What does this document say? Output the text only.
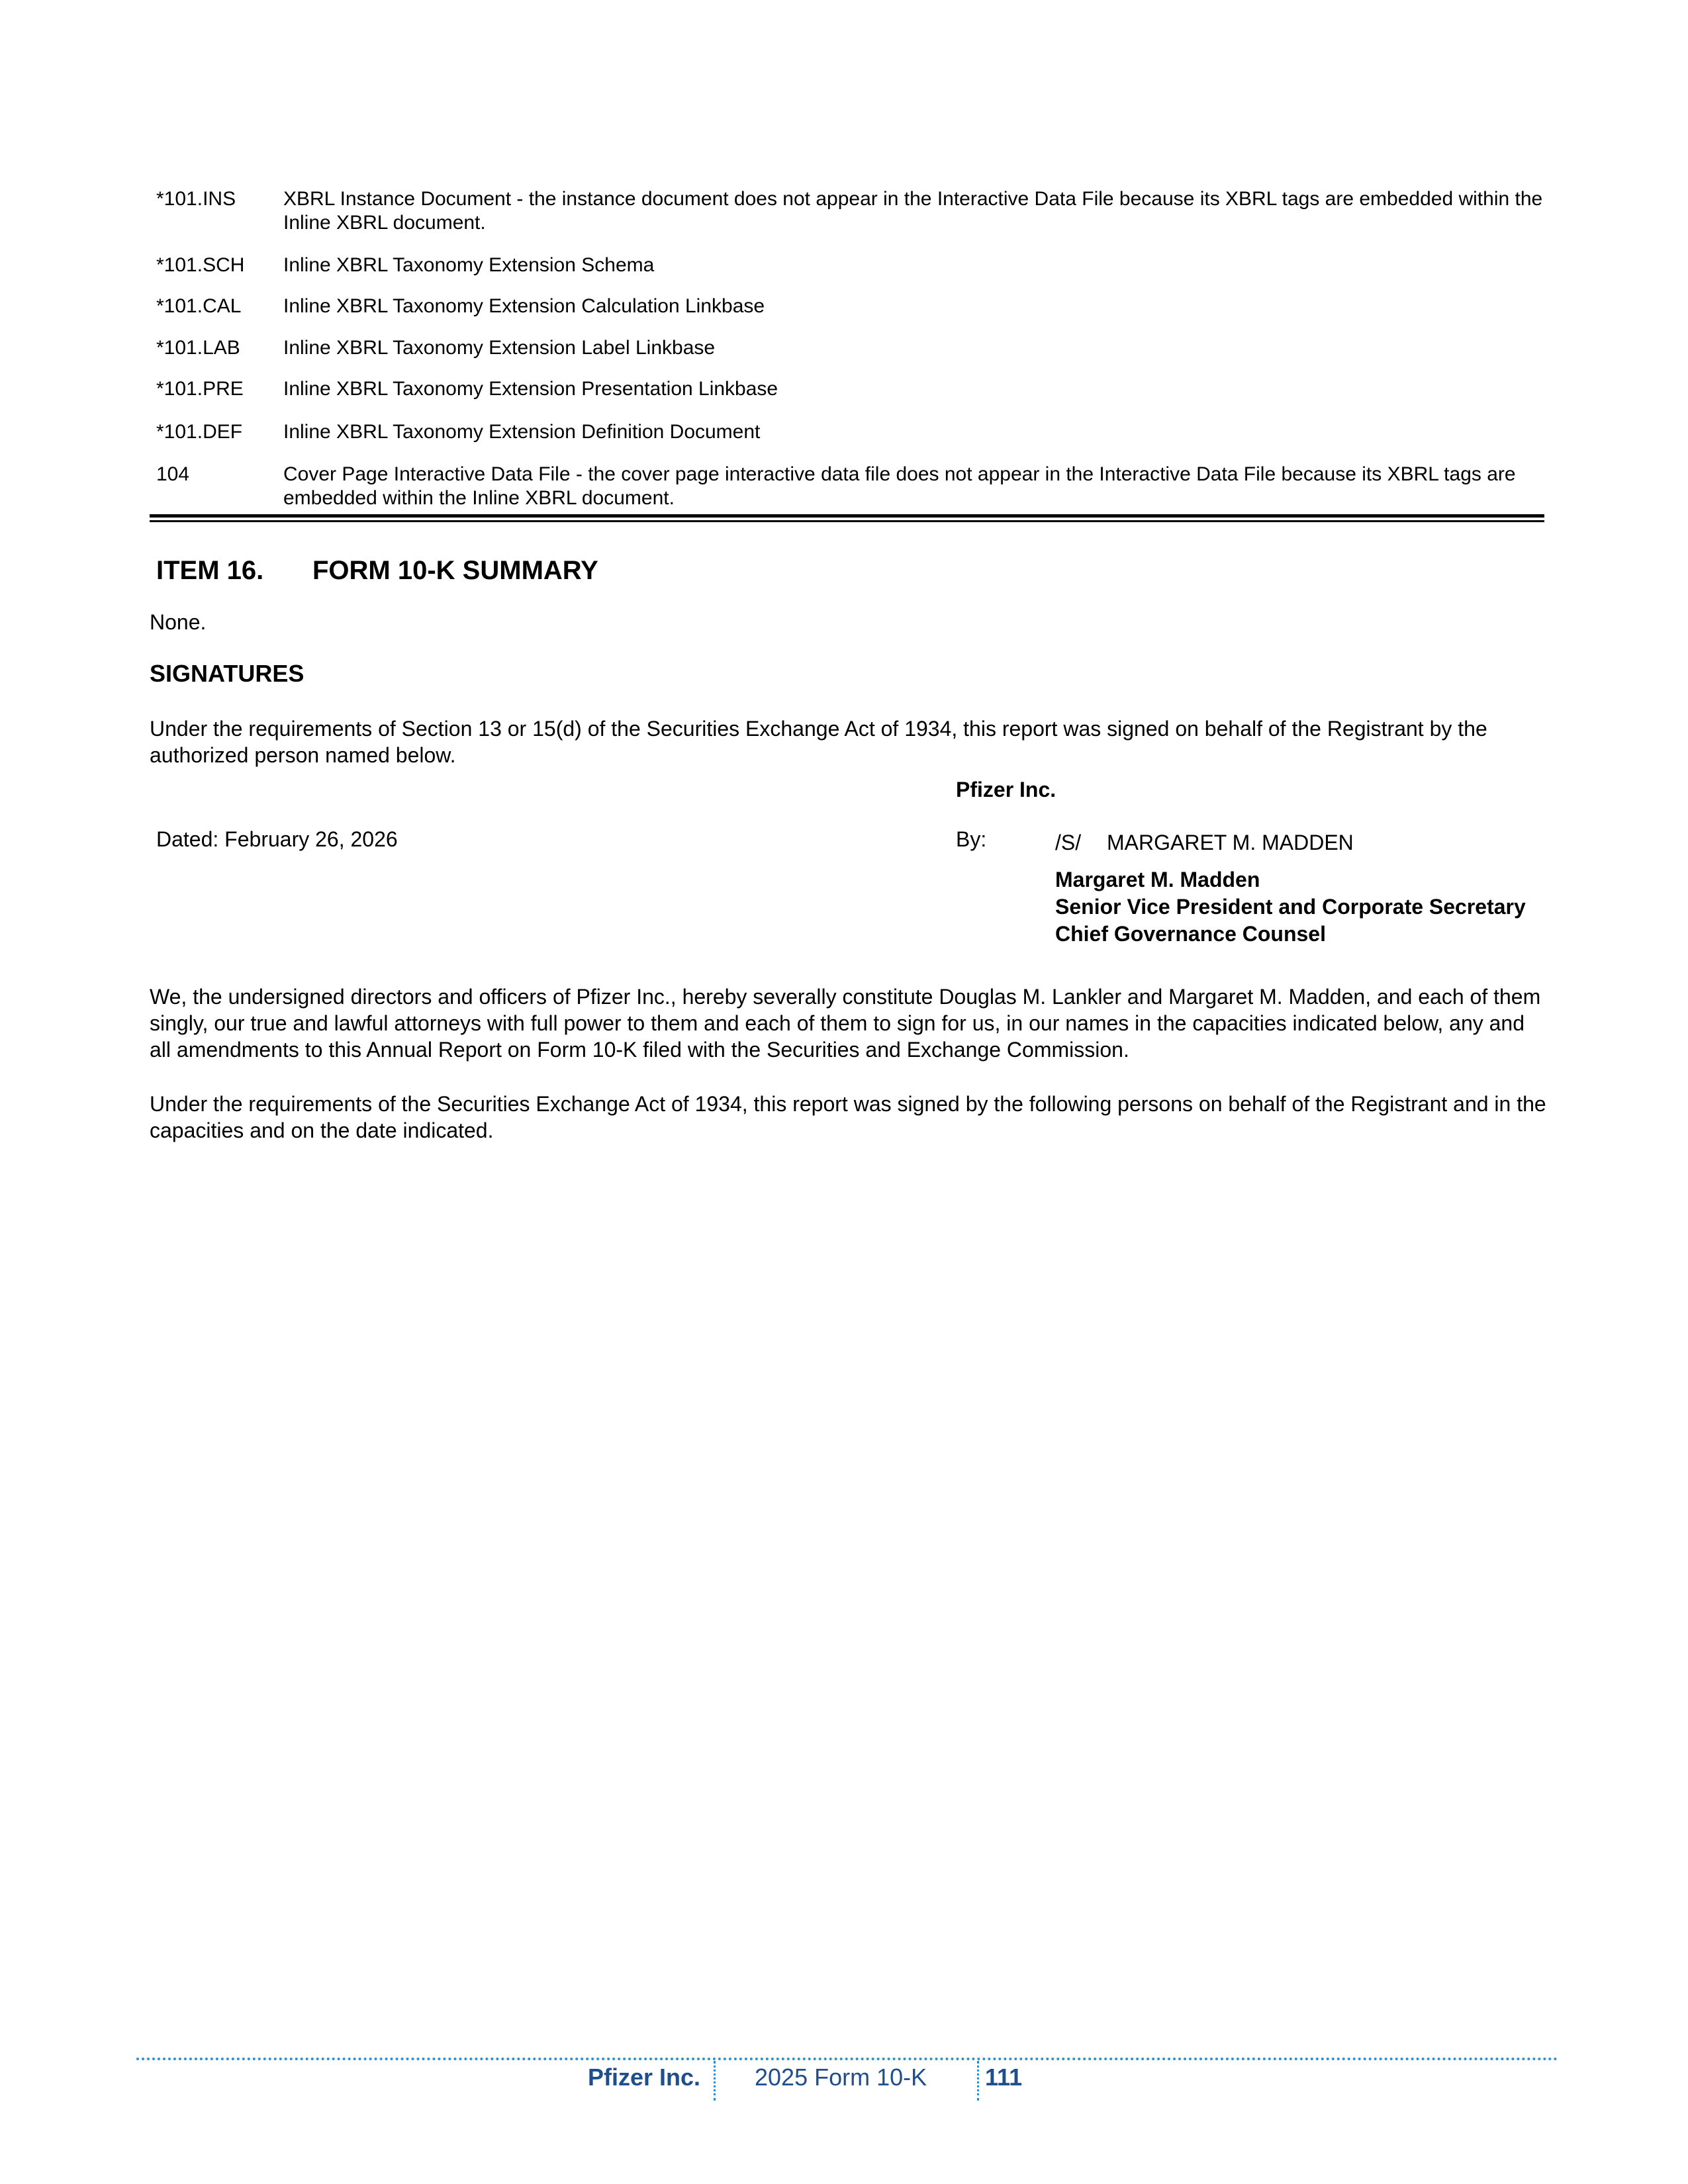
*101.INS XBRL Instance Document - the instance document does not appear in the Interactive Data File because its XBRL tags are embedded within the Inline XBRL document.
*101.SCH Inline XBRL Taxonomy Extension Schema
*101.CAL Inline XBRL Taxonomy Extension Calculation Linkbase
*101.LAB Inline XBRL Taxonomy Extension Label Linkbase
*101.PRE Inline XBRL Taxonomy Extension Presentation Linkbase
*101.DEF Inline XBRL Taxonomy Extension Definition Document
104	Cover Page Interactive Data File - the cover page interactive data file does not appear in the Interactive Data File because its XBRL tags are embedded within the Inline XBRL document.
ITEM 16. FORM 10-K SUMMARY
None.
SIGNATURES
Under the requirements of Section 13 or 15(d) of the Securities Exchange Act of 1934, this report was signed on behalf of the Registrant by the authorized person named below.
Pfizer Inc.
Dated: February 26, 2026	By:	/S/ MARGARET M. MADDEN
Margaret M. Madden
Senior Vice President and Corporate Secretary
Chief Governance Counsel
We, the undersigned directors and officers of Pfizer Inc., hereby severally constitute Douglas M. Lankler and Margaret M. Madden, and each of them singly, our true and lawful attorneys with full power to them and each of them to sign for us, in our names in the capacities indicated below, any and all amendments to this Annual Report on Form 10-K filed with the Securities and Exchange Commission.
Under the requirements of the Securities Exchange Act of 1934, this report was signed by the following persons on behalf of the Registrant and in the capacities and on the date indicated.
Pfizer Inc. 2025 Form 10-K 111
